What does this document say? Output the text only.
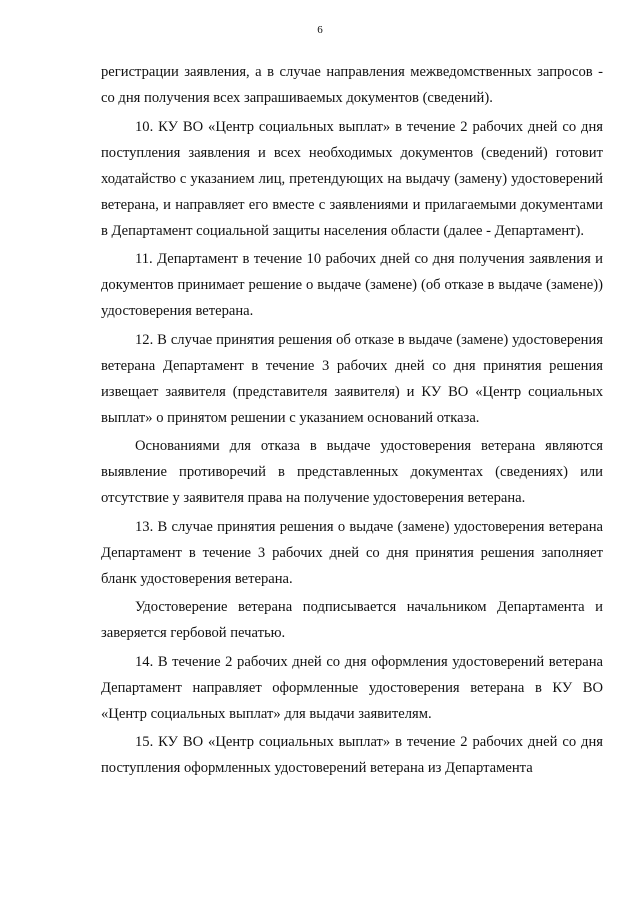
6

регистрации заявления, а в случае направления межведомственных запросов - со дня получения всех запрашиваемых документов (сведений).

10. КУ ВО «Центр социальных выплат» в течение 2 рабочих дней со дня поступления заявления и всех необходимых документов (сведений) готовит ходатайство с указанием лиц, претендующих на выдачу (замену) удостоверений ветерана, и направляет его вместе с заявлениями и прилагаемыми документами в Департамент социальной защиты населения области (далее - Департамент).

11. Департамент в течение 10 рабочих дней со дня получения заявления и документов принимает решение о выдаче (замене) (об отказе в выдаче (замене)) удостоверения ветерана.

12. В случае принятия решения об отказе в выдаче (замене) удостоверения ветерана Департамент в течение 3 рабочих дней со дня принятия решения извещает заявителя (представителя заявителя) и КУ ВО «Центр социальных выплат» о принятом решении с указанием оснований отказа.

Основаниями для отказа в выдаче удостоверения ветерана являются выявление противоречий в представленных документах (сведениях) или отсутствие у заявителя права на получение удостоверения ветерана.

13. В случае принятия решения о выдаче (замене) удостоверения ветерана Департамент в течение 3 рабочих дней со дня принятия решения заполняет бланк удостоверения ветерана.

Удостоверение ветерана подписывается начальником Департамента и заверяется гербовой печатью.

14. В течение 2 рабочих дней со дня оформления удостоверений ветерана Департамент направляет оформленные удостоверения ветерана в КУ ВО «Центр социальных выплат» для выдачи заявителям.

15. КУ ВО «Центр социальных выплат» в течение 2 рабочих дней со дня поступления оформленных удостоверений ветерана из Департамента
